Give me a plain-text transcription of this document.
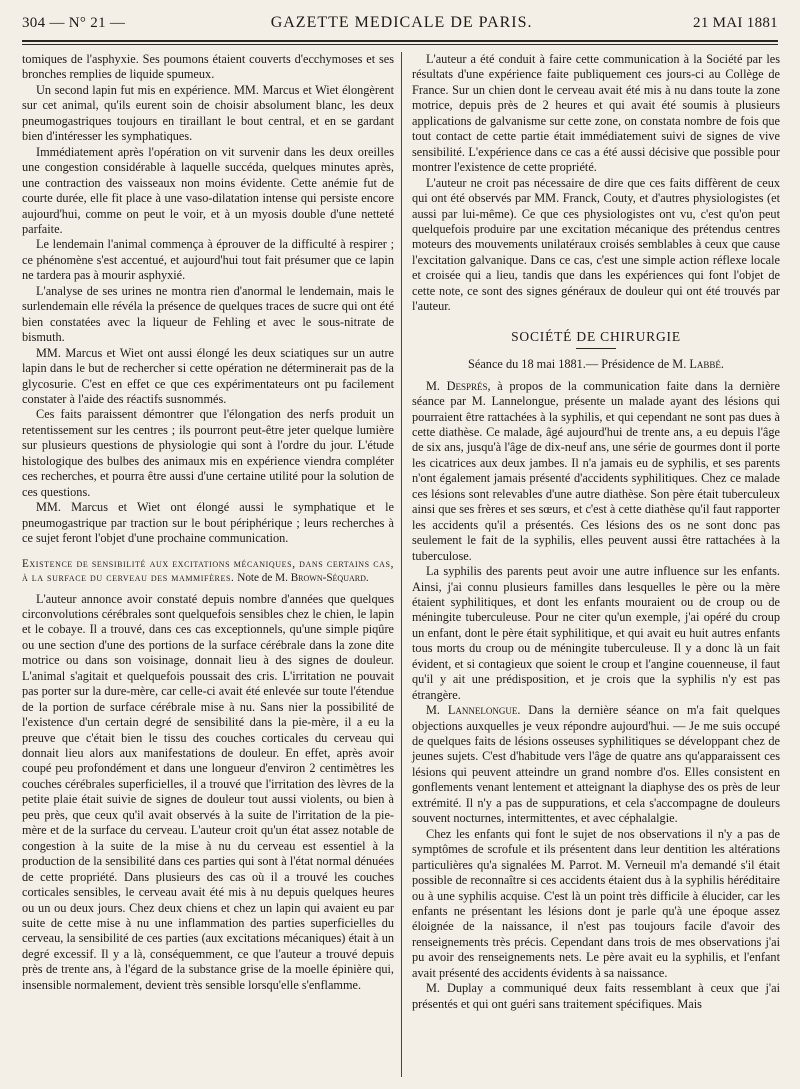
304 — N° 21 —	GAZETTE MEDICALE DE PARIS.	21 MAI 1881

tomiques de l'asphyxie. Ses poumons étaient couverts d'ecchymoses et ses bronches remplies de liquide spumeux.

Un second lapin fut mis en expérience. MM. Marcus et Wiet élongèrent sur cet animal, qu'ils eurent soin de choisir absolument blanc, les deux pneumogastriques toujours en tiraillant le bout central, et en se gardant bien d'intéresser les symphatiques.

Immédiatement après l'opération on vit survenir dans les deux oreilles une congestion considérable à laquelle succéda, quelques minutes après, une contraction des vaisseaux non moins évidente. Cette anémie fut de courte durée, elle fit place à une vaso-dilatation intense qui persiste encore aujourd'hui, comme on peut le voir, et à un myosis double d'une netteté parfaite.

Le lendemain l'animal commença à éprouver de la difficulté à respirer ; ce phénomène s'est accentué, et aujourd'hui tout fait présumer que ce lapin ne tardera pas à mourir asphyxié.

L'analyse de ses urines ne montra rien d'anormal le lendemain, mais le surlendemain elle révéla la présence de quelques traces de sucre qui ont été bien constatées avec la liqueur de Fehling et avec le sous-nitrate de bismuth.

MM. Marcus et Wiet ont aussi élongé les deux sciatiques sur un autre lapin dans le but de rechercher si cette opération ne déterminerait pas de la glycosurie. C'est en effet ce que ces expérimentateurs ont pu facilement constater à l'aide des réactifs susnommés.

Ces faits paraissent démontrer que l'élongation des nerfs produit un retentissement sur les centres ; ils pourront peut-être jeter quelque lumière sur plusieurs questions de physiologie qui sont à l'ordre du jour. L'étude histologique des bulbes des animaux mis en expérience viendra compléter ces recherches, et pourra être aussi d'une certaine utilité pour la solution de ces questions.

MM. Marcus et Wiet ont élongé aussi le symphatique et le pneumogastrique par traction sur le bout périphérique ; leurs recherches à ce sujet feront l'objet d'une prochaine communication.

Existence de sensibilité aux excitations mécaniques, dans certains cas, à la surface du cerveau des mammifères. Note de M. Brown-Séquard.

L'auteur annonce avoir constaté depuis nombre d'années que quelques circonvolutions cérébrales sont quelquefois sensibles chez le chien, le lapin et le cobaye. Il a trouvé, dans ces cas exceptionnels, qu'une simple piqûre ou une section d'une des portions de la surface cérébrale dans la zone dite motrice ou dans son voisinage, donnait lieu à des signes de douleur. L'animal s'agitait et quelquefois poussait des cris. L'irritation ne pouvait pas porter sur la dure-mère, car celle-ci avait été enlevée sur toute l'étendue de la portion de surface cérébrale mise à nu. Sans nier la possibilité de l'existence d'un certain degré de sensibilité dans la pie-mère, il a eu la preuve que c'était bien le tissu des couches corticales du cerveau qui donnait lieu alors aux manifestations de douleur. En effet, après avoir coupé peu profondément et dans une longueur d'environ 2 centimètres les couches cérébrales superficielles, il a trouvé que l'irritation des lèvres de la petite plaie était suivie de signes de douleur tout aussi violents, ou bien à peu près, que ceux qu'il avait observés à la suite de l'irritation de la pie-mère et de la surface du cerveau. L'auteur croit qu'un état assez notable de congestion à la suite de la mise à nu du cerveau est essentiel à la production de la sensibilité dans ces parties qui sont à l'état normal dénuées de cette propriété. Dans plusieurs des cas où il a trouvé les couches corticales sensibles, le cerveau avait été mis à nu depuis quelques heures ou un ou deux jours. Chez deux chiens et chez un lapin qui avaient eu par suite de cette mise à nu une inflammation des parties superficielles du cerveau, la sensibilité de ces parties (aux excitations mécaniques) était à un degré excessif. Il y a là, conséquemment, ce que l'auteur a trouvé depuis près de trente ans, à l'égard de la substance grise de la moelle épinière qui, insensible normalement, devient très sensible lorsqu'elle s'enflamme.

L'auteur a été conduit à faire cette communication à la Société par les résultats d'une expérience faite publiquement ces jours-ci au Collège de France. Sur un chien dont le cerveau avait été mis à nu dans toute la zone motrice, depuis près de 2 heures et qui avait été soumis à plusieurs applications de galvanisme sur cette zone, on constata nombre de fois que tout contact de cette partie était immédiatement suivi de signes de vive sensibilité. L'expérience dans ce cas a été aussi décisive que possible pour montrer l'existence de cette propriété.

L'auteur ne croit pas nécessaire de dire que ces faits diffèrent de ceux qui ont été observés par MM. Franck, Couty, et d'autres physiologistes (et aussi par lui-même). Ce que ces physiologistes ont vu, c'est qu'on peut quelquefois produire par une excitation mécanique des prétendus centres moteurs des mouvements unilatéraux croisés semblables à ceux que cause l'excitation galvanique. Dans ce cas, c'est une simple action réflexe locale et croisée qui a lieu, tandis que dans les expériences qui font l'objet de cette note, ce sont des signes généraux de douleur qui ont été trouvés par l'auteur.

SOCIÉTÉ DE CHIRURGIE
Séance du 18 mai 1881.— Présidence de M. Labbé.

M. Després, à propos de la communication faite dans la dernière séance par M. Lannelongue, présente un malade ayant des lésions qui pourraient être rattachées à la syphilis, et qui cependant ne sont pas dues à cette diathèse. Ce malade, âgé aujourd'hui de trente ans, a eu depuis l'âge de six ans, jusqu'à l'âge de dix-neuf ans, une série de gourmes dont il porte les cicatrices aux deux jambes. Il n'a jamais eu de syphilis, et ses parents n'ont également jamais présenté d'accidents syphilitiques. Chez ce malade ces lésions sont relevables d'une autre diathèse. Son père était tuberculeux ainsi que ses frères et ses sœurs, et c'est à cette diathèse qu'il faut rapporter les accidents qu'il a présentés. Ces lésions des os ne sont donc pas seulement le fait de la syphilis, elles peuvent aussi être rattachées à la tuberculose.

La syphilis des parents peut avoir une autre influence sur les enfants. Ainsi, j'ai connu plusieurs familles dans lesquelles le père ou la mère étaient syphilitiques, et dont les enfants mouraient ou de croup ou de méningite tuberculeuse. Pour ne citer qu'un exemple, j'ai opéré du croup un enfant, dont le père était syphilitique, et qui avait eu huit autres enfants tous morts du croup ou de méningite tuberculeuse. Il y a donc là un fait évident, et si contagieux que soient le croup et l'angine couenneuse, il faut qu'il y ait une prédisposition, et je crois que la syphilis n'y est pas étrangère.

M. Lannelongue. Dans la dernière séance on m'a fait quelques objections auxquelles je veux répondre aujourd'hui. — Je me suis occupé de quelques faits de lésions osseuses syphilitiques se développant chez de jeunes sujets. C'est d'habitude vers l'âge de quatre ans qu'apparaissent ces lésions qui peuvent atteindre un grand nombre d'os. Elles consistent en gonflements venant lentement et atteignant la diaphyse des os près de leur extrémité. Il n'y a pas de suppurations, et cela s'accompagne de douleurs souvent nocturnes, intermittentes, et avec céphalalgie.

Chez les enfants qui font le sujet de nos observations il n'y a pas de symptômes de scrofule et ils présentent dans leur dentition les altérations particulières qu'a signalées M. Parrot. M. Verneuil m'a demandé s'il était possible de reconnaître si ces accidents étaient dus à la syphilis héréditaire ou à une syphilis acquise. C'est là un point très difficile à élucider, car les enfants ne présentant les lésions dont je parle qu'à une époque assez éloignée de la naissance, il n'est pas toujours facile d'avoir des renseignements très précis. Cependant dans trois de mes observations j'ai pu avoir des renseignements nets. Le père avait eu la syphilis, et l'enfant avait présenté des accidents évidents à sa naissance.

M. Duplay a communiqué deux faits ressemblant à ceux que j'ai présentés et qui ont guéri sans traitement spécifiques. Mais
